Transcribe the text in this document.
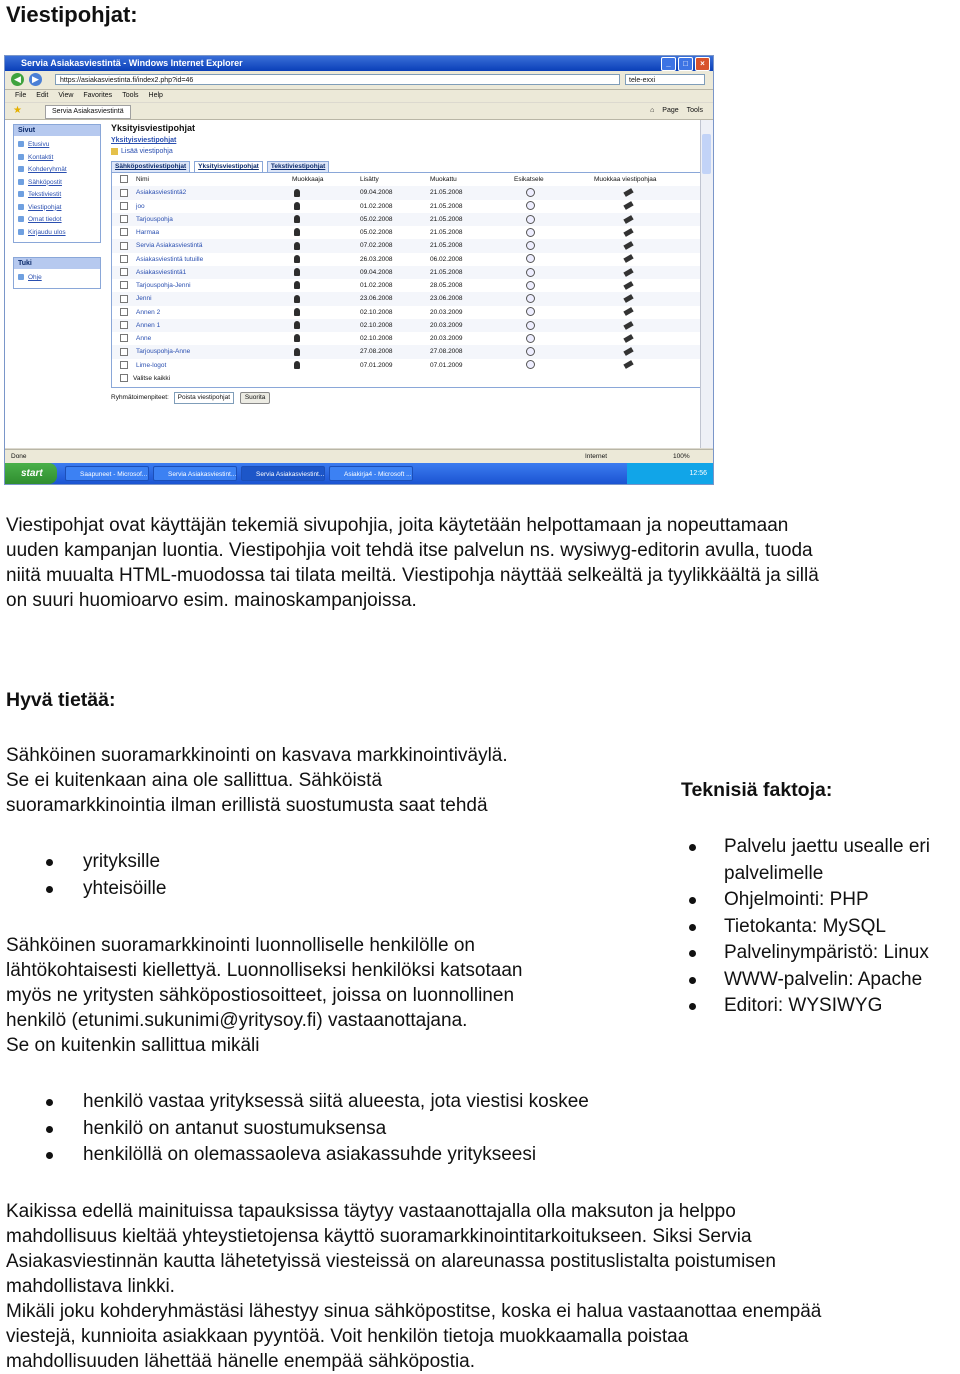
Viestipohjat:
Servia Asiakasviestintä - Windows Internet Explorer	_	□	×
◀	▶	https://asiakasviestinta.fi/index2.php?id=46	tele-exxi
File Edit View Favorites Tools Help
★	Servia Asiakasviestintä	⌂ Page Tools
Sivut
Etusivu
Kontaktit
Kohderyhmät
Sähköpostit
Tekstiviestit
Viestipohjat
Omat tiedot
Kirjaudu ulos
Tuki
Ohje
Yksityisviestipohjat
Yksityisviestipohjat
Lisää viestipohja
Sähköpostiviestipohjat	Yksityisviestipohjat	Tekstiviestipohjat
Nimi	Muokkaaja	Lisätty	Muokattu	Esikatsele	Muokkaa viestipohjaa
Asiakasviestintä2	09.04.2008	21.05.2008
joo	01.02.2008	21.05.2008
Tarjouspohja	05.02.2008	21.05.2008
Harmaa	05.02.2008	21.05.2008
Servia Asiakasviestintä	07.02.2008	21.05.2008
Asiakasviestintä tutuille	26.03.2008	06.02.2008
Asiakasviestintä1	09.04.2008	21.05.2008
Tarjouspohja-Jenni	01.02.2008	28.05.2008
Jenni	23.06.2008	23.06.2008
Annen 2	02.10.2008	20.03.2009
Annen 1	02.10.2008	20.03.2009
Anne	02.10.2008	20.03.2009
Tarjouspohja-Anne	27.08.2008	27.08.2008
Lime-logot	07.01.2009	07.01.2009
Valitse kaikki
Ryhmätoimenpiteet: Poista viestipohjat Suorita
Done	Internet	100%
start	Saapuneet - Microsof...	Servia Asiakasviestint...	Servia Asiakasviestint...	Asiakirja4 - Microsoft ...	12:56
Viestipohjat ovat käyttäjän tekemiä sivupohjia, joita käytetään helpottamaan ja nopeuttamaan
uuden kampanjan luontia. Viestipohjia voit tehdä itse palvelun ns. wysiwyg-editorin avulla, tuoda
niitä muualta HTML-muodossa tai tilata meiltä. Viestipohja näyttää selkeältä ja tyylikkäältä ja sillä
on suuri huomioarvo esim. mainoskampanjoissa.
Hyvä tietää:
Sähköinen suoramarkkinointi on kasvava markkinointiväylä.
Se ei kuitenkaan aina ole sallittua. Sähköistä
suoramarkkinointia ilman erillistä suostumusta saat tehdä
yrityksille
yhteisöille
Sähköinen suoramarkkinointi luonnolliselle henkilölle on
lähtökohtaisesti kiellettyä. Luonnolliseksi henkilöksi katsotaan
myös ne yritysten sähköpostiosoitteet, joissa on luonnollinen
henkilö (etunimi.sukunimi@yritysoy.fi) vastaanottajana.
Se on kuitenkin sallittua mikäli
henkilö vastaa yrityksessä siitä alueesta, jota viestisi koskee
henkilö on antanut suostumuksensa
henkilöllä on olemassaoleva asiakassuhde yritykseesi
Kaikissa edellä mainituissa tapauksissa täytyy vastaanottajalla olla maksuton ja helppo
mahdollisuus kieltää yhteystietojensa käyttö suoramarkkinointitarkoitukseen. Siksi Servia
Asiakasviestinnän kautta lähetetyissä viesteissä on alareunassa postituslistalta poistumisen
mahdollistava linkki.
Mikäli joku kohderyhmästäsi lähestyy sinua sähköpostitse, koska ei halua vastaanottaa enempää
viestejä, kunnioita asiakkaan pyyntöä. Voit henkilön tietoja muokkaamalla poistaa
mahdollisuuden lähettää hänelle enempää sähköpostia.
Teknisiä faktoja:
Palvelu jaettu usealle eri
palvelimelle
Ohjelmointi: PHP
Tietokanta: MySQL
Palvelinympäristö: Linux
WWW-palvelin: Apache
Editori: WYSIWYG
